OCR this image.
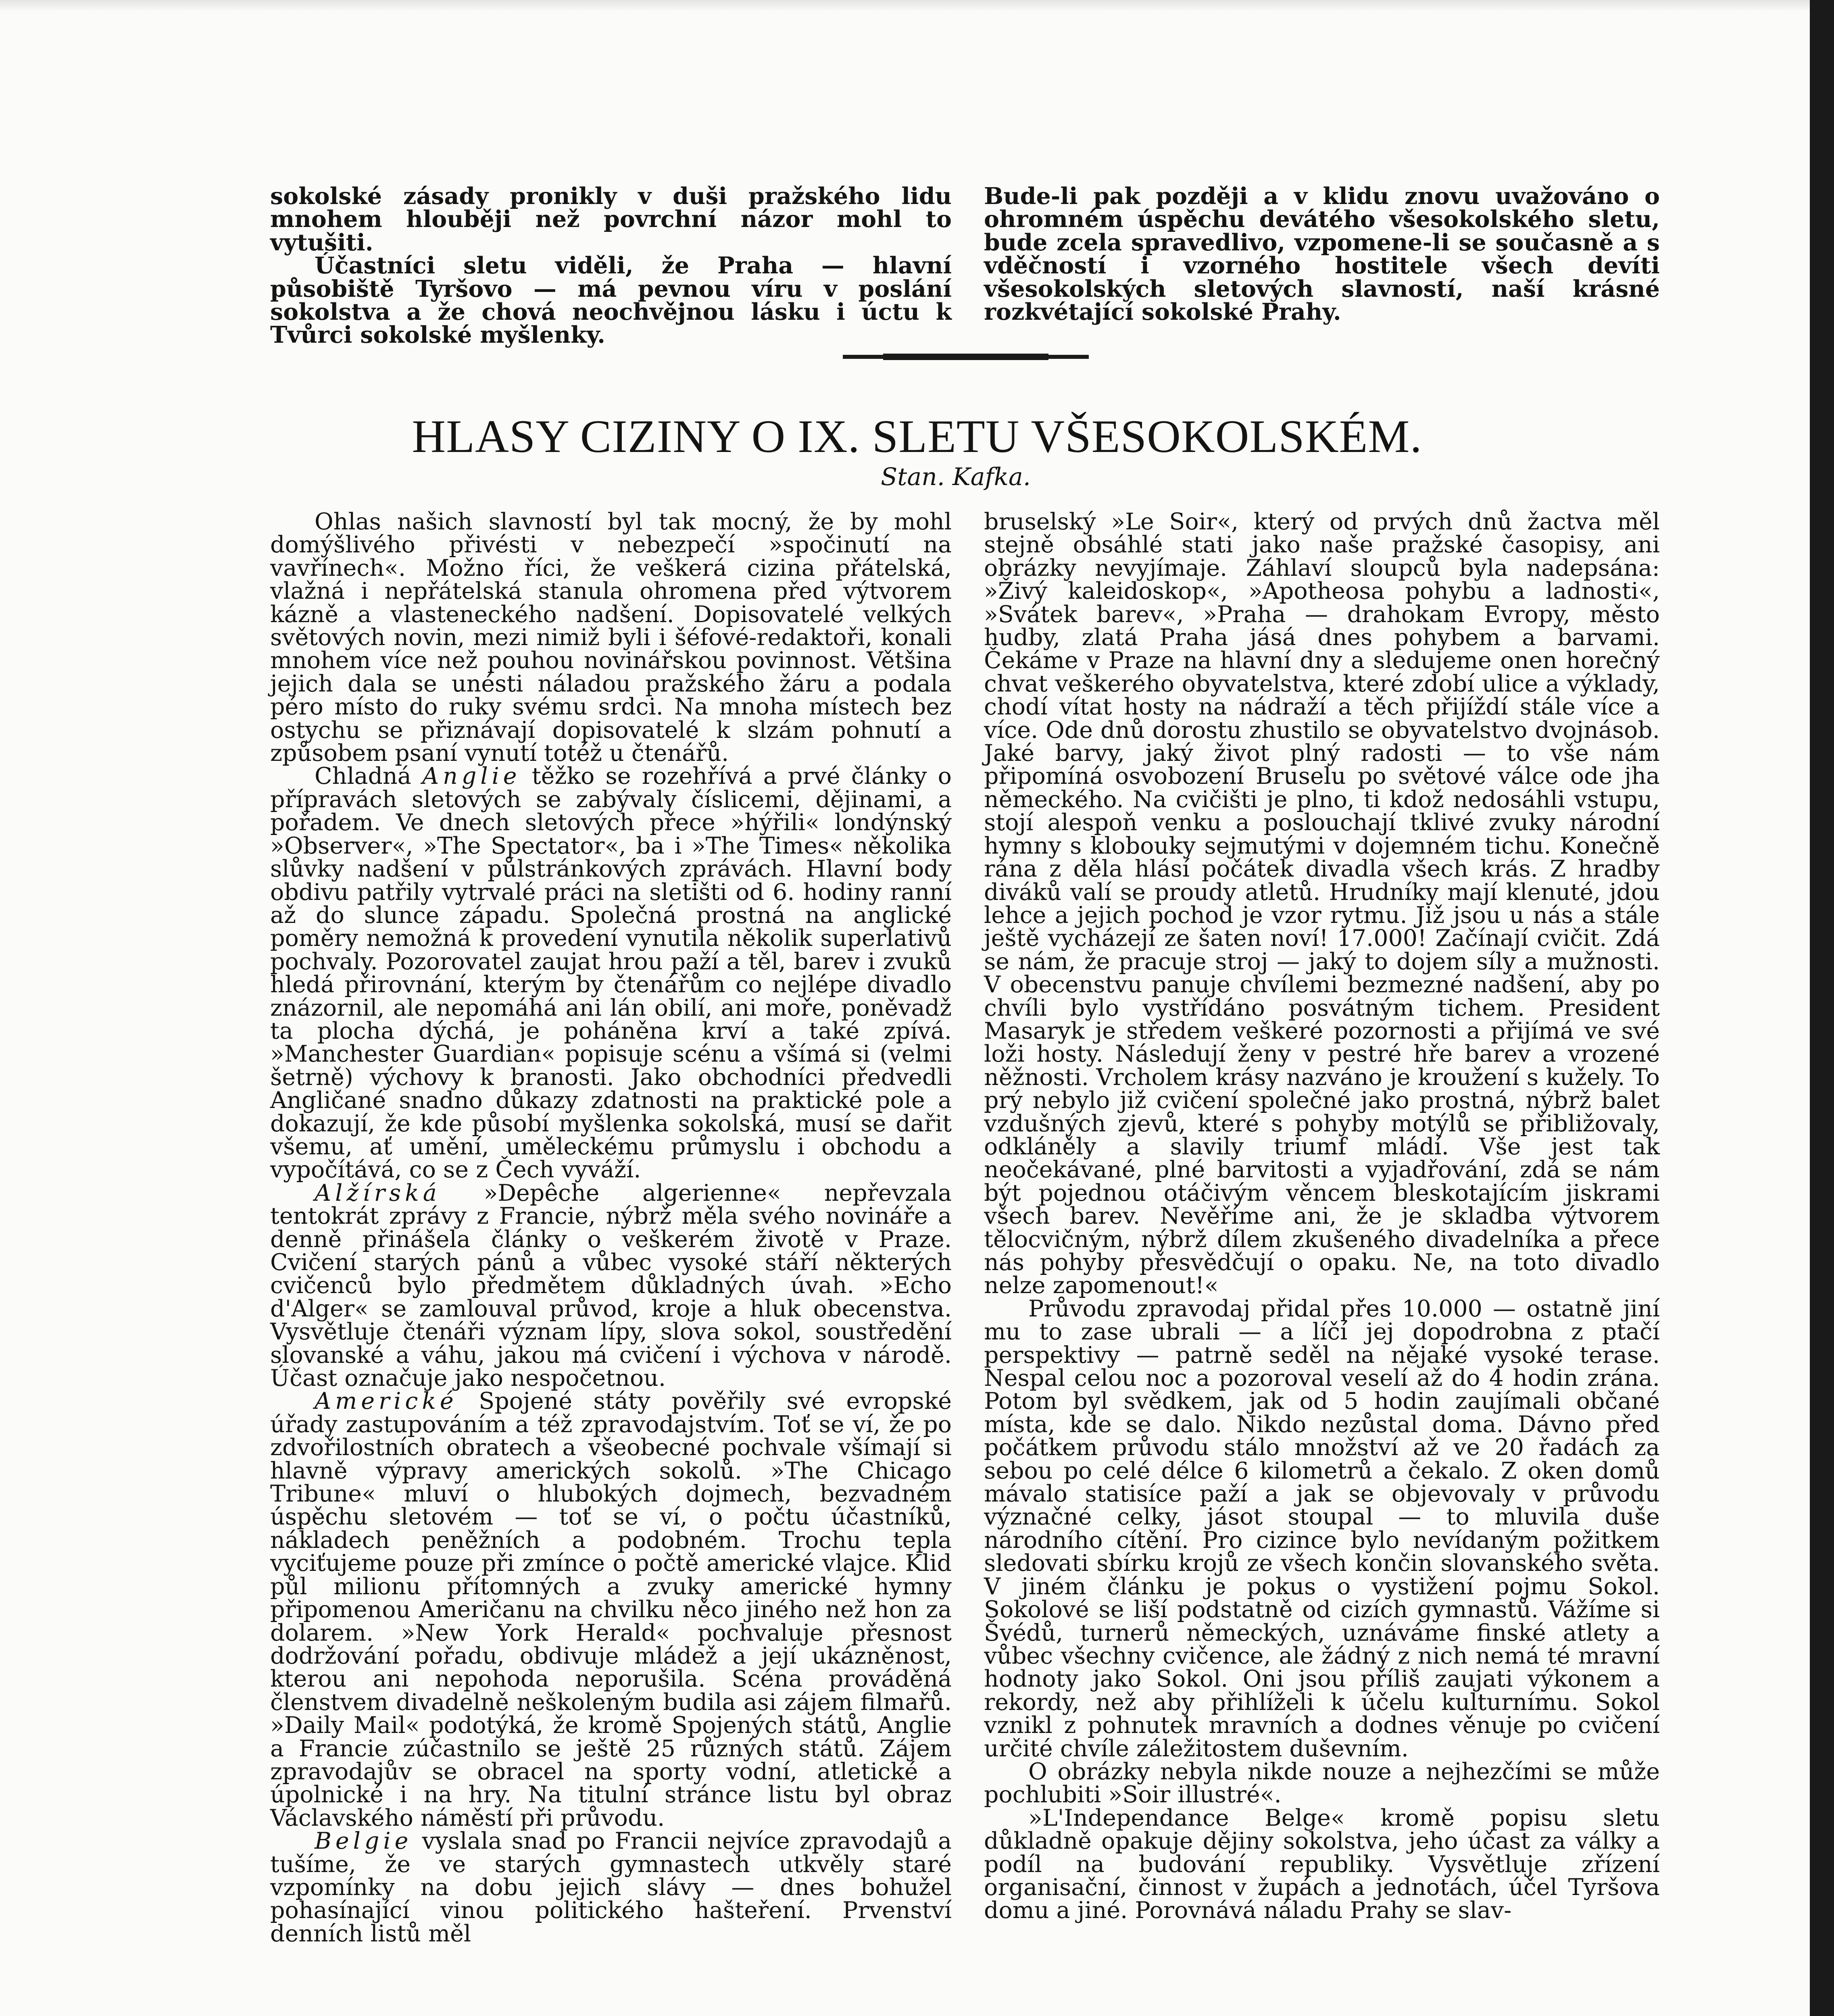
sokolské zásady pronikly v duši pražského lidu mnohem hlouběji než povrchní názor mohl to vytušiti.

Účastníci sletu viděli, že Praha — hlavní působiště Tyršovo — má pevnou víru v poslání sokolstva a že chová neochvějnou lásku i úctu k Tvůrci sokolské myšlenky.

Bude-li pak později a v klidu znovu uvažováno o ohromném úspěchu devátého všesokolského sletu, bude zcela spravedlivo, vzpomene-li se současně a s vděčností i vzorného hostitele všech devíti všesokolských sletových slavností, naší krásné rozkvétající sokolské Prahy.

HLASY CIZINY O IX. SLETU VŠESOKOLSKÉM.

Stan. Kafka.

Ohlas našich slavností byl tak mocný, že by mohl domýšlivého přivésti v nebezpečí »spočinutí na vavřínech«. Možno říci, že veškerá cizina přátelská, vlažná i nepřátelská stanula ohromena před výtvorem kázně a vlasteneckého nadšení. Dopisovatelé velkých světových novin, mezi nimiž byli i šéfové-redaktoři, konali mnohem více než pouhou novinářskou povinnost. Většina jejich dala se unésti náladou pražského žáru a podala péro místo do ruky svému srdci. Na mnoha místech bez ostychu se přiznávají dopisovatelé k slzám pohnutí a způsobem psaní vynutí totéž u čtenářů.

Chladná Anglie těžko se rozehřívá a prvé články o přípravách sletových se zabývaly číslicemi, dějinami, a pořadem. Ve dnech sletových přece »hýřili« londýnský »Observer«, »The Spectator«, ba i »The Times« několika slůvky nadšení v půlstránkových zprávách. Hlavní body obdivu patřily vytrvalé práci na sletišti od 6. hodiny ranní až do slunce západu. Společná prostná na anglické poměry nemožná k provedení vynutila několik superlativů pochvaly. Pozorovatel zaujat hrou paží a těl, barev i zvuků hledá přirovnání, kterým by čtenářům co nejlépe divadlo znázornil, ale nepomáhá ani lán obilí, ani moře, poněvadž ta plocha dýchá, je poháněna krví a také zpívá. »Manchester Guardian« popisuje scénu a všímá si (velmi šetrně) výchovy k branosti. Jako obchodníci předvedli Angličané snadno důkazy zdatnosti na praktické pole a dokazují, že kde působí myšlenka sokolská, musí se dařit všemu, ať umění, uměleckému průmyslu i obchodu a vypočítává, co se z Čech vyváží.

Alžírská »Depêche algerienne« nepřevzala tentokrát zprávy z Francie, nýbrž měla svého novináře a denně přinášela články o veškerém životě v Praze. Cvičení starých pánů a vůbec vysoké stáří některých cvičenců bylo předmětem důkladných úvah. »Echo d'Alger« se zamlouval průvod, kroje a hluk obecenstva. Vysvětluje čtenáři význam lípy, slova sokol, soustředění slovanské a váhu, jakou má cvičení i výchova v národě. Účast označuje jako nespočetnou.

Americké Spojené státy pověřily své evropské úřady zastupováním a též zpravodajstvím. Toť se ví, že po zdvořilostních obratech a všeobecné pochvale všímají si hlavně výpravy amerických sokolů. »The Chicago Tribune« mluví o hlubokých dojmech, bezvadném úspěchu sletovém — toť se ví, o počtu účastníků, nákladech peněžních a podobném. Trochu tepla vyciťujeme pouze při zmínce o počtě americké vlajce. Klid půl milionu přítomných a zvuky americké hymny připomenou Američanu na chvilku něco jiného než hon za dolarem. »New York Herald« pochvaluje přesnost dodržování pořadu, obdivuje mládež a její ukázněnost, kterou ani nepohoda neporušila. Scéna prováděná členstvem divadelně neškoleným budila asi zájem filmařů. »Daily Mail« podotýká, že kromě Spojených států, Anglie a Francie zúčastnilo se ještě 25 různých států. Zájem zpravodajův se obracel na sporty vodní, atletické a úpolnické i na hry. Na titulní stránce listu byl obraz Václavského náměstí při průvodu.

Belgie vyslala snad po Francii nejvíce zpravodajů a tušíme, že ve starých gymnastech utkvěly staré vzpomínky na dobu jejich slávy — dnes bohužel pohasínající vinou politického hašteření. Prvenství denních listů měl

bruselský »Le Soir«, který od prvých dnů žactva měl stejně obsáhlé stati jako naše pražské časopisy, ani obrázky nevyjímaje. Záhlaví sloupců byla nadepsána: »Živý kaleidoskop«, »Apotheosa pohybu a ladnosti«, »Svátek barev«, »Praha — drahokam Evropy, město hudby, zlatá Praha jásá dnes pohybem a barvami. Čekáme v Praze na hlavní dny a sledujeme onen horečný chvat veškerého obyvatelstva, které zdobí ulice a výklady, chodí vítat hosty na nádraží a těch přijíždí stále více a více. Ode dnů dorostu zhustilo se obyvatelstvo dvojnásob. Jaké barvy, jaký život plný radosti — to vše nám připomíná osvobození Bruselu po světové válce ode jha německého. Na cvičišti je plno, ti kdož nedosáhli vstupu, stojí alespoň venku a poslouchají tklivé zvuky národní hymny s klobouky sejmutými v dojemném tichu. Konečně rána z děla hlásí počátek divadla všech krás. Z hradby diváků valí se proudy atletů. Hrudníky mají klenuté, jdou lehce a jejich pochod je vzor rytmu. Již jsou u nás a stále ještě vycházejí ze šaten noví! 17.000! Začínají cvičit. Zdá se nám, že pracuje stroj — jaký to dojem síly a mužnosti. V obecenstvu panuje chvílemi bezmezné nadšení, aby po chvíli bylo vystřídáno posvátným tichem. President Masaryk je středem veškeré pozornosti a přijímá ve své loži hosty. Následují ženy v pestré hře barev a vrozené něžnosti. Vrcholem krásy nazváno je kroužení s kužely. To prý nebylo již cvičení společné jako prostná, nýbrž balet vzdušných zjevů, které s pohyby motýlů se přibližovaly, odkláněly a slavily triumf mládí. Vše jest tak neočekávané, plné barvitosti a vyjadřování, zdá se nám být pojednou otáčivým věncem bleskotajícím jiskrami všech barev. Nevěříme ani, že je skladba výtvorem tělocvičným, nýbrž dílem zkušeného divadelníka a přece nás pohyby přesvědčují o opaku. Ne, na toto divadlo nelze zapomenout!«

Průvodu zpravodaj přidal přes 10.000 — ostatně jiní mu to zase ubrali — a líčí jej dopodrobna z ptačí perspektivy — patrně seděl na nějaké vysoké terase. Nespal celou noc a pozoroval veselí až do 4 hodin zrána. Potom byl svědkem, jak od 5 hodin zaujímali občané místa, kde se dalo. Nikdo nezůstal doma. Dávno před počátkem průvodu stálo množství až ve 20 řadách za sebou po celé délce 6 kilometrů a čekalo. Z oken domů mávalo statisíce paží a jak se objevovaly v průvodu význačné celky, jásot stoupal — to mluvila duše národního cítění. Pro cizince bylo nevídaným požitkem sledovati sbírku krojů ze všech končin slovanského světa. V jiném článku je pokus o vystižení pojmu Sokol. Sokolové se liší podstatně od cizích gymnastů. Vážíme si Švédů, turnerů německých, uznáváme finské atlety a vůbec všechny cvičence, ale žádný z nich nemá té mravní hodnoty jako Sokol. Oni jsou příliš zaujati výkonem a rekordy, než aby přihlíželi k účelu kulturnímu. Sokol vznikl z pohnutek mravních a dodnes věnuje po cvičení určité chvíle záležitostem duševním.

O obrázky nebyla nikde nouze a nejhezčími se může pochlubiti »Soir illustré«.

»L'Independance Belge« kromě popisu sletu důkladně opakuje dějiny sokolstva, jeho účast za války a podíl na budování republiky. Vysvětluje zřízení organisační, činnost v župách a jednotách, účel Tyršova domu a jiné. Porovnává náladu Prahy se slav-
